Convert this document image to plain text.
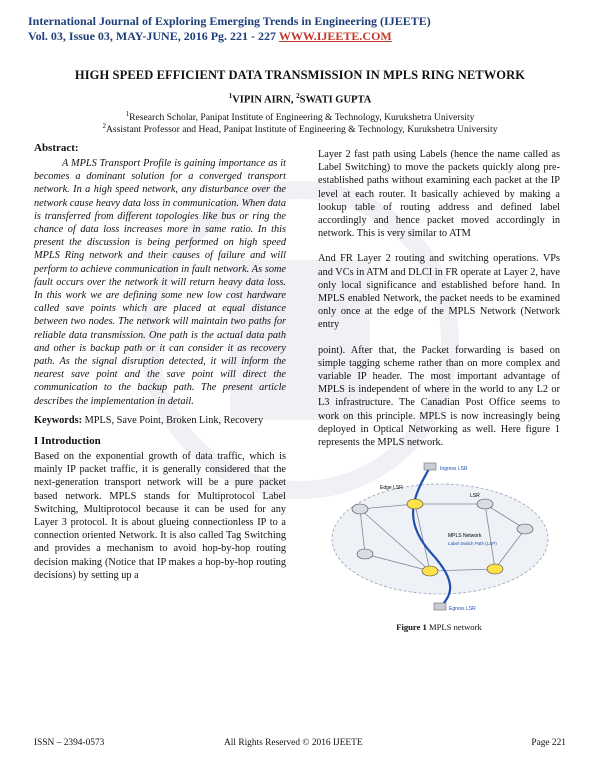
International Journal of Exploring Emerging Trends in Engineering (IJEETE)
Vol. 03, Issue 03, MAY-JUNE, 2016 Pg. 221 - 227 WWW.IJEETE.COM
HIGH SPEED EFFICIENT DATA TRANSMISSION IN MPLS RING NETWORK
$^1$VIPIN AIRN, $^2$SWATI GUPTA
$^1$Research Scholar, Panipat Institute of Engineering & Technology, Kurukshetra University
$^2$Assistant Professor and Head, Panipat Institute of Engineering & Technology, Kurukshetra University
Abstract:

A MPLS Transport Profile is gaining importance as it becomes a dominant solution for a converged transport network. In a high speed network, any disturbance over the network cause heavy data loss in communication. When data is transferred from different topologies like bus or ring the chance of data loss increases more in same ratio. In this present the discussion is being performed on high speed MPLS Ring network and their causes of failure and will perform to achieve communication in fault network. As some fault occurs over the network it will return heavy data loss. In this work we are defining some new low cost hardware called save points which are placed at equal distance between two nodes. The network will maintain two paths for reliable data transmission. One path is the actual data path and other is backup path or it can consider it as recovery path. As the signal disruption detected, it will inform the nearest save point and the save point will direct the communication to the backup path. The present article describes the implementation in detail.

Keywords: MPLS, Save Point, Broken Link, Recovery

I Introduction

Based on the exponential growth of data traffic, which is mainly IP packet traffic, it is generally considered that the next-generation transport network will be a pure packet based network. MPLS stands for Multiprotocol Label Switching, Multiprotocol because it can be used for any Layer 3 protocol. It is about glueing connectionless IP to a connection oriented Network. It is also called Tag Switching and provides a mechanism to avoid hop-by-hop routing decision making (Notice that IP makes a hop-by-hop routing decisions) by setting up a

Layer 2 fast path using Labels (hence the name called as Label Switching) to move the packets quickly along pre-established paths without examining each packet at the IP level at each router. It basically achieved by making a lookup table of routing address and defined label accordingly and hence packet moved accordingly in network. This is very similar to ATM

And FR Layer 2 routing and switching operations. VPs and VCs in ATM and DLCI in FR operate at Layer 2, have only local significance and established before hand. In MPLS enabled Network, the packet needs to be examined only once at the edge of the MPLS Network (Network entry

point). After that, the Packet forwarding is based on simple tagging scheme rather than on more complex and variable IP header. The most important advantage of MPLS is independent of where in the world to any L2 or L3 infrastructure. The Canadian Post Office seems to work on this principle. MPLS is now increasingly being deployed in Optical Networking as well. Here figure 1 represents the MPLS network.

Ingress LSR
Egress LSR
Edge LSR
LSR
MPLS Network
Label Switch Path (LSP)
Figure 1 MPLS network
ISSN – 2394-0573	All Rights Reserved © 2016 IJEETE	Page 221
